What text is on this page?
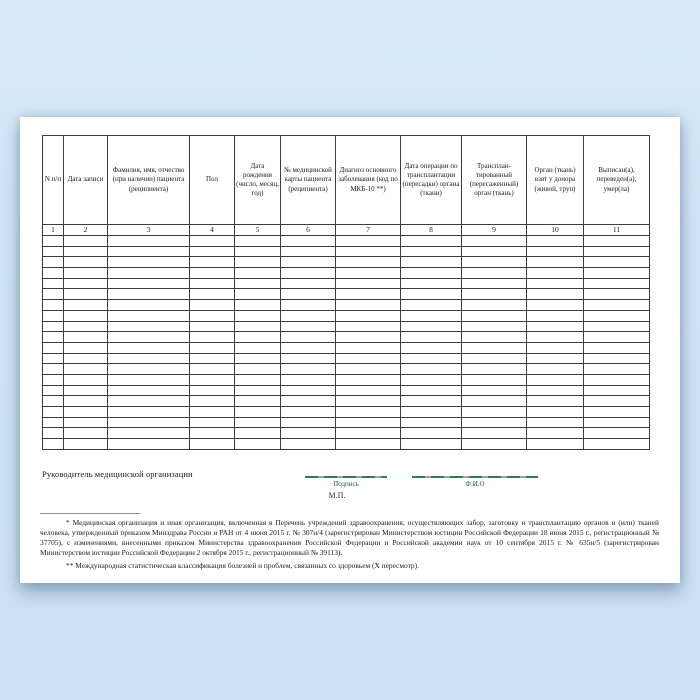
N п/п	Дата записи	Фамилия, имя, отчество (при наличии) пациента (реципиента)	Пол	Дата рождения (число, месяц, год)	№ медицинской карты пациента (реципиента)	Диагноз основного заболевания (код по МКБ-10 **)	Дата операции по трансплантации (пересадки) органа (ткани)	Трансплан- тированный (пересаженный) орган (ткань)	Орган (ткань) взят у донора (живой, труп)	Выписан(а), переведен(а), умер(ла)
1	2	3	4	5	6	7	8	9	10	11

Руководитель медицинской организации
Подпись	Ф.И.О
М.П.

* Медицинская организация и иная организация, включенная в Перечень учреждений здравоохранения, осуществляющих забор, заготовку и трансплантацию органов и (или) тканей человека, утвержденный приказом Минздрава России и РАН от 4 июня 2015 г. № 307н/4 (зарегистрирован Министерством юстиции Российской Федерации 18 июня 2015 г., регистрационный № 37705), с изменениями, внесенными приказом Министерства здравоохранения Российской Федерации и Российской академии наук от 10 сентября 2015 г. № 635н/5 (зарегистрирован Министерством юстиции Российской Федерации 2 октября 2015 г., регистрационный № 39113).

** Международная статистическая классификация болезней и проблем, связанных со здоровьем (X пересмотр).
